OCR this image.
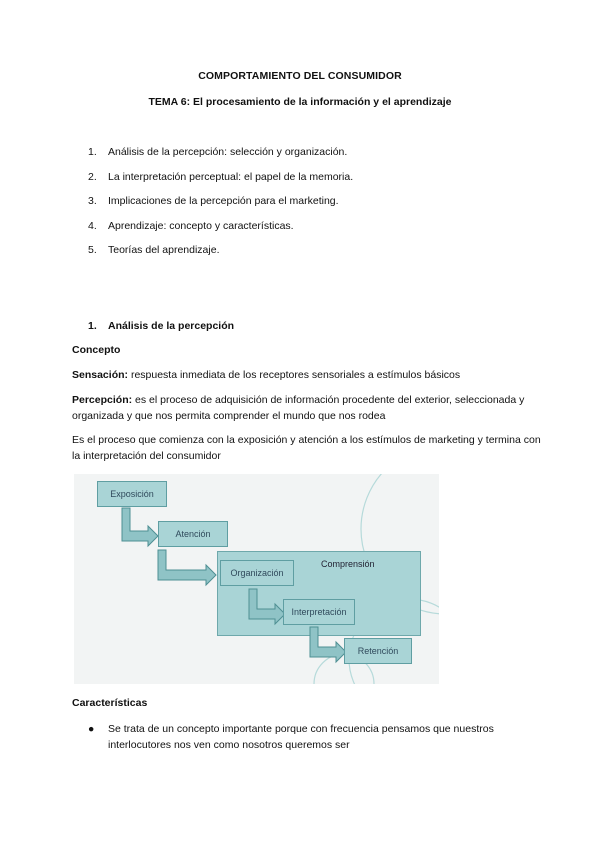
COMPORTAMIENTO DEL CONSUMIDOR
TEMA 6: El procesamiento de la información y el aprendizaje
1.	Análisis de la percepción: selección y organización.
2.	La interpretación perceptual: el papel de la memoria.
3.	Implicaciones de la percepción para el marketing.
4.	Aprendizaje: concepto y características.
5.	Teorías del aprendizaje.
1. Análisis de la percepción
Concepto
Sensación: respuesta inmediata de los receptores sensoriales a estímulos básicos
Percepción: es el proceso de adquisición de información procedente del exterior, seleccionada y organizada y que nos permita comprender el mundo que nos rodea
Es el proceso que comienza con la exposición y atención a los estímulos de marketing y termina con la interpretación del consumidor
Comprensión
Exposición
Atención
Organización
Interpretación
Retención
Características
●	Se trata de un concepto importante porque con frecuencia pensamos que nuestros interlocutores nos ven como nosotros queremos ser
